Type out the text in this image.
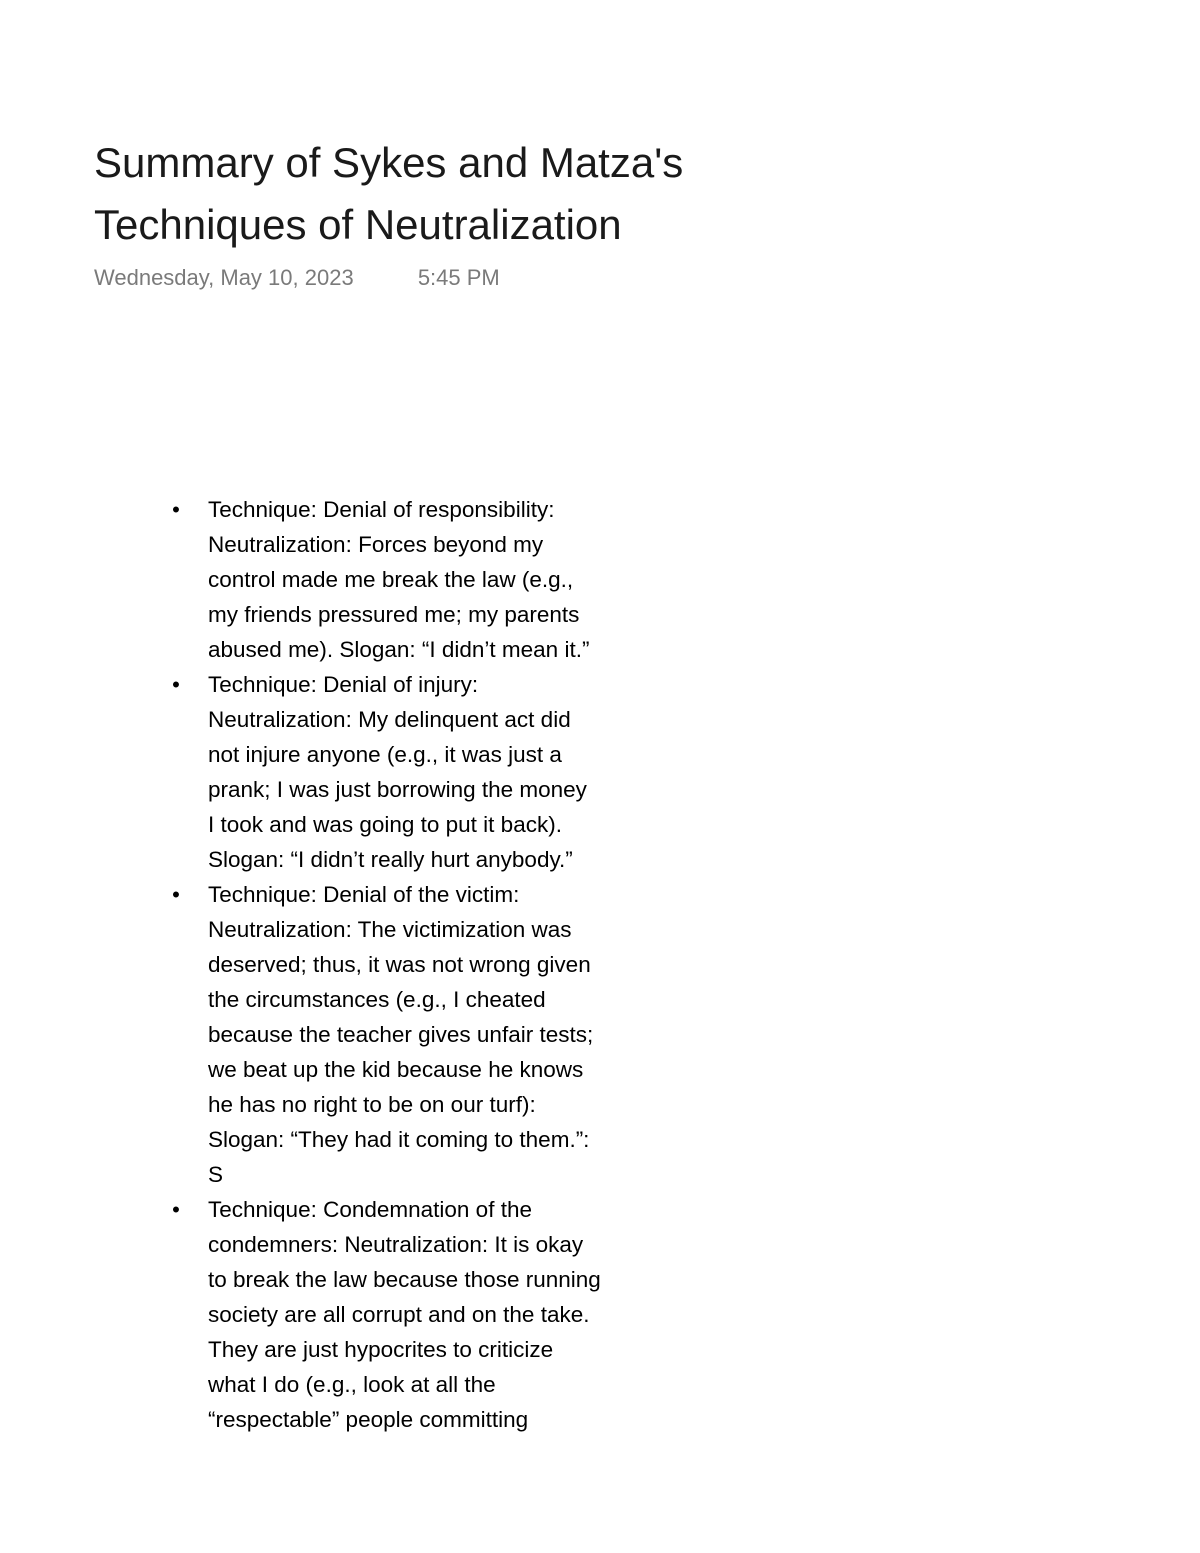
Summary of Sykes and Matza's
Techniques of Neutralization
Wednesday, May 10, 2023	5:45 PM
• Technique: Denial of responsibility:
Neutralization: Forces beyond my
control made me break the law (e.g.,
my friends pressured me; my parents
abused me). Slogan: “I didn’t mean it.”
• Technique: Denial of injury:
Neutralization: My delinquent act did
not injure anyone (e.g., it was just a
prank; I was just borrowing the money
I took and was going to put it back).
Slogan: “I didn’t really hurt anybody.”
• Technique: Denial of the victim:
Neutralization: The victimization was
deserved; thus, it was not wrong given
the circumstances (e.g., I cheated
because the teacher gives unfair tests;
we beat up the kid because he knows
he has no right to be on our turf):
Slogan: “They had it coming to them.”:
S
• Technique: Condemnation of the
condemners: Neutralization: It is okay
to break the law because those running
society are all corrupt and on the take.
They are just hypocrites to criticize
what I do (e.g., look at all the
“respectable” people committing
